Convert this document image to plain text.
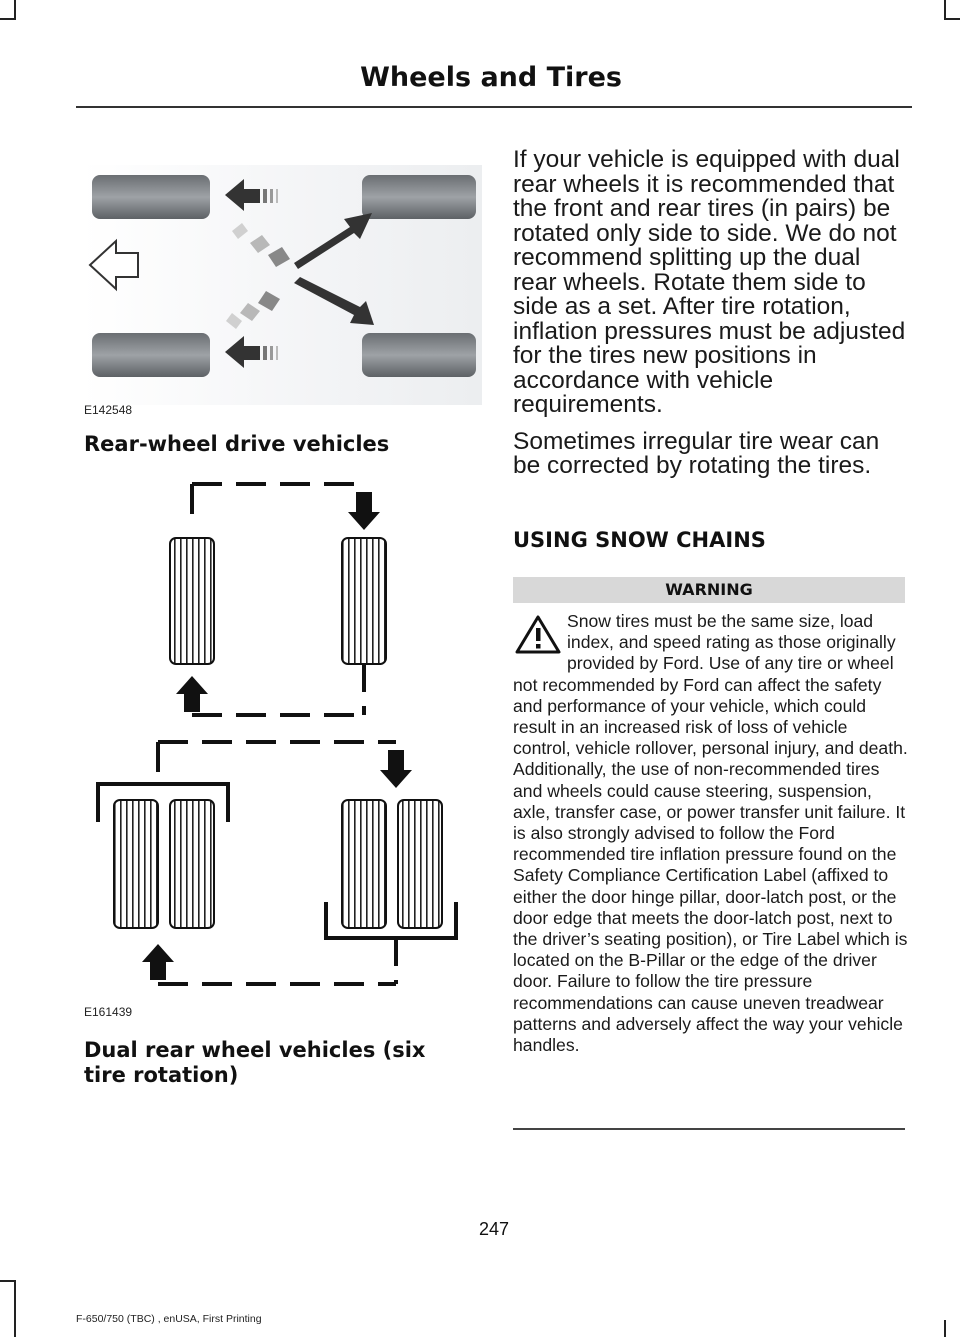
Wheels and Tires
E142548
Rear-wheel drive vehicles
E161439
Dual rear wheel vehicles (six tire rotation)

If your vehicle is equipped with dual rear wheels it is recommended that the front and rear tires (in pairs) be rotated only side to side. We do not recommend splitting up the dual rear wheels. Rotate them side to side as a set. After tire rotation, inflation pressures must be adjusted for the tires new positions in accordance with vehicle requirements.

Sometimes irregular tire wear can be corrected by rotating the tires.

USING SNOW CHAINS
WARNING

Snow tires must be the same size, load index, and speed rating as those originally provided by Ford. Use of any tire or wheel not recommended by Ford can affect the safety and performance of your vehicle, which could result in an increased risk of loss of vehicle control, vehicle rollover, personal injury, and death. Additionally, the use of non-recommended tires and wheels could cause steering, suspension, axle, transfer case, or power transfer unit failure. It is also strongly advised to follow the Ford recommended tire inflation pressure found on the Safety Compliance Certification Label (affixed to either the door hinge pillar, door-latch post, or the door edge that meets the door-latch post, next to the driver’s seating position), or Tire Label which is located on the B-Pillar or the edge of the driver door. Failure to follow the tire pressure recommendations can cause uneven treadwear patterns and adversely affect the way your vehicle handles.

247
F-650/750 (TBC) , enUSA, First Printing
